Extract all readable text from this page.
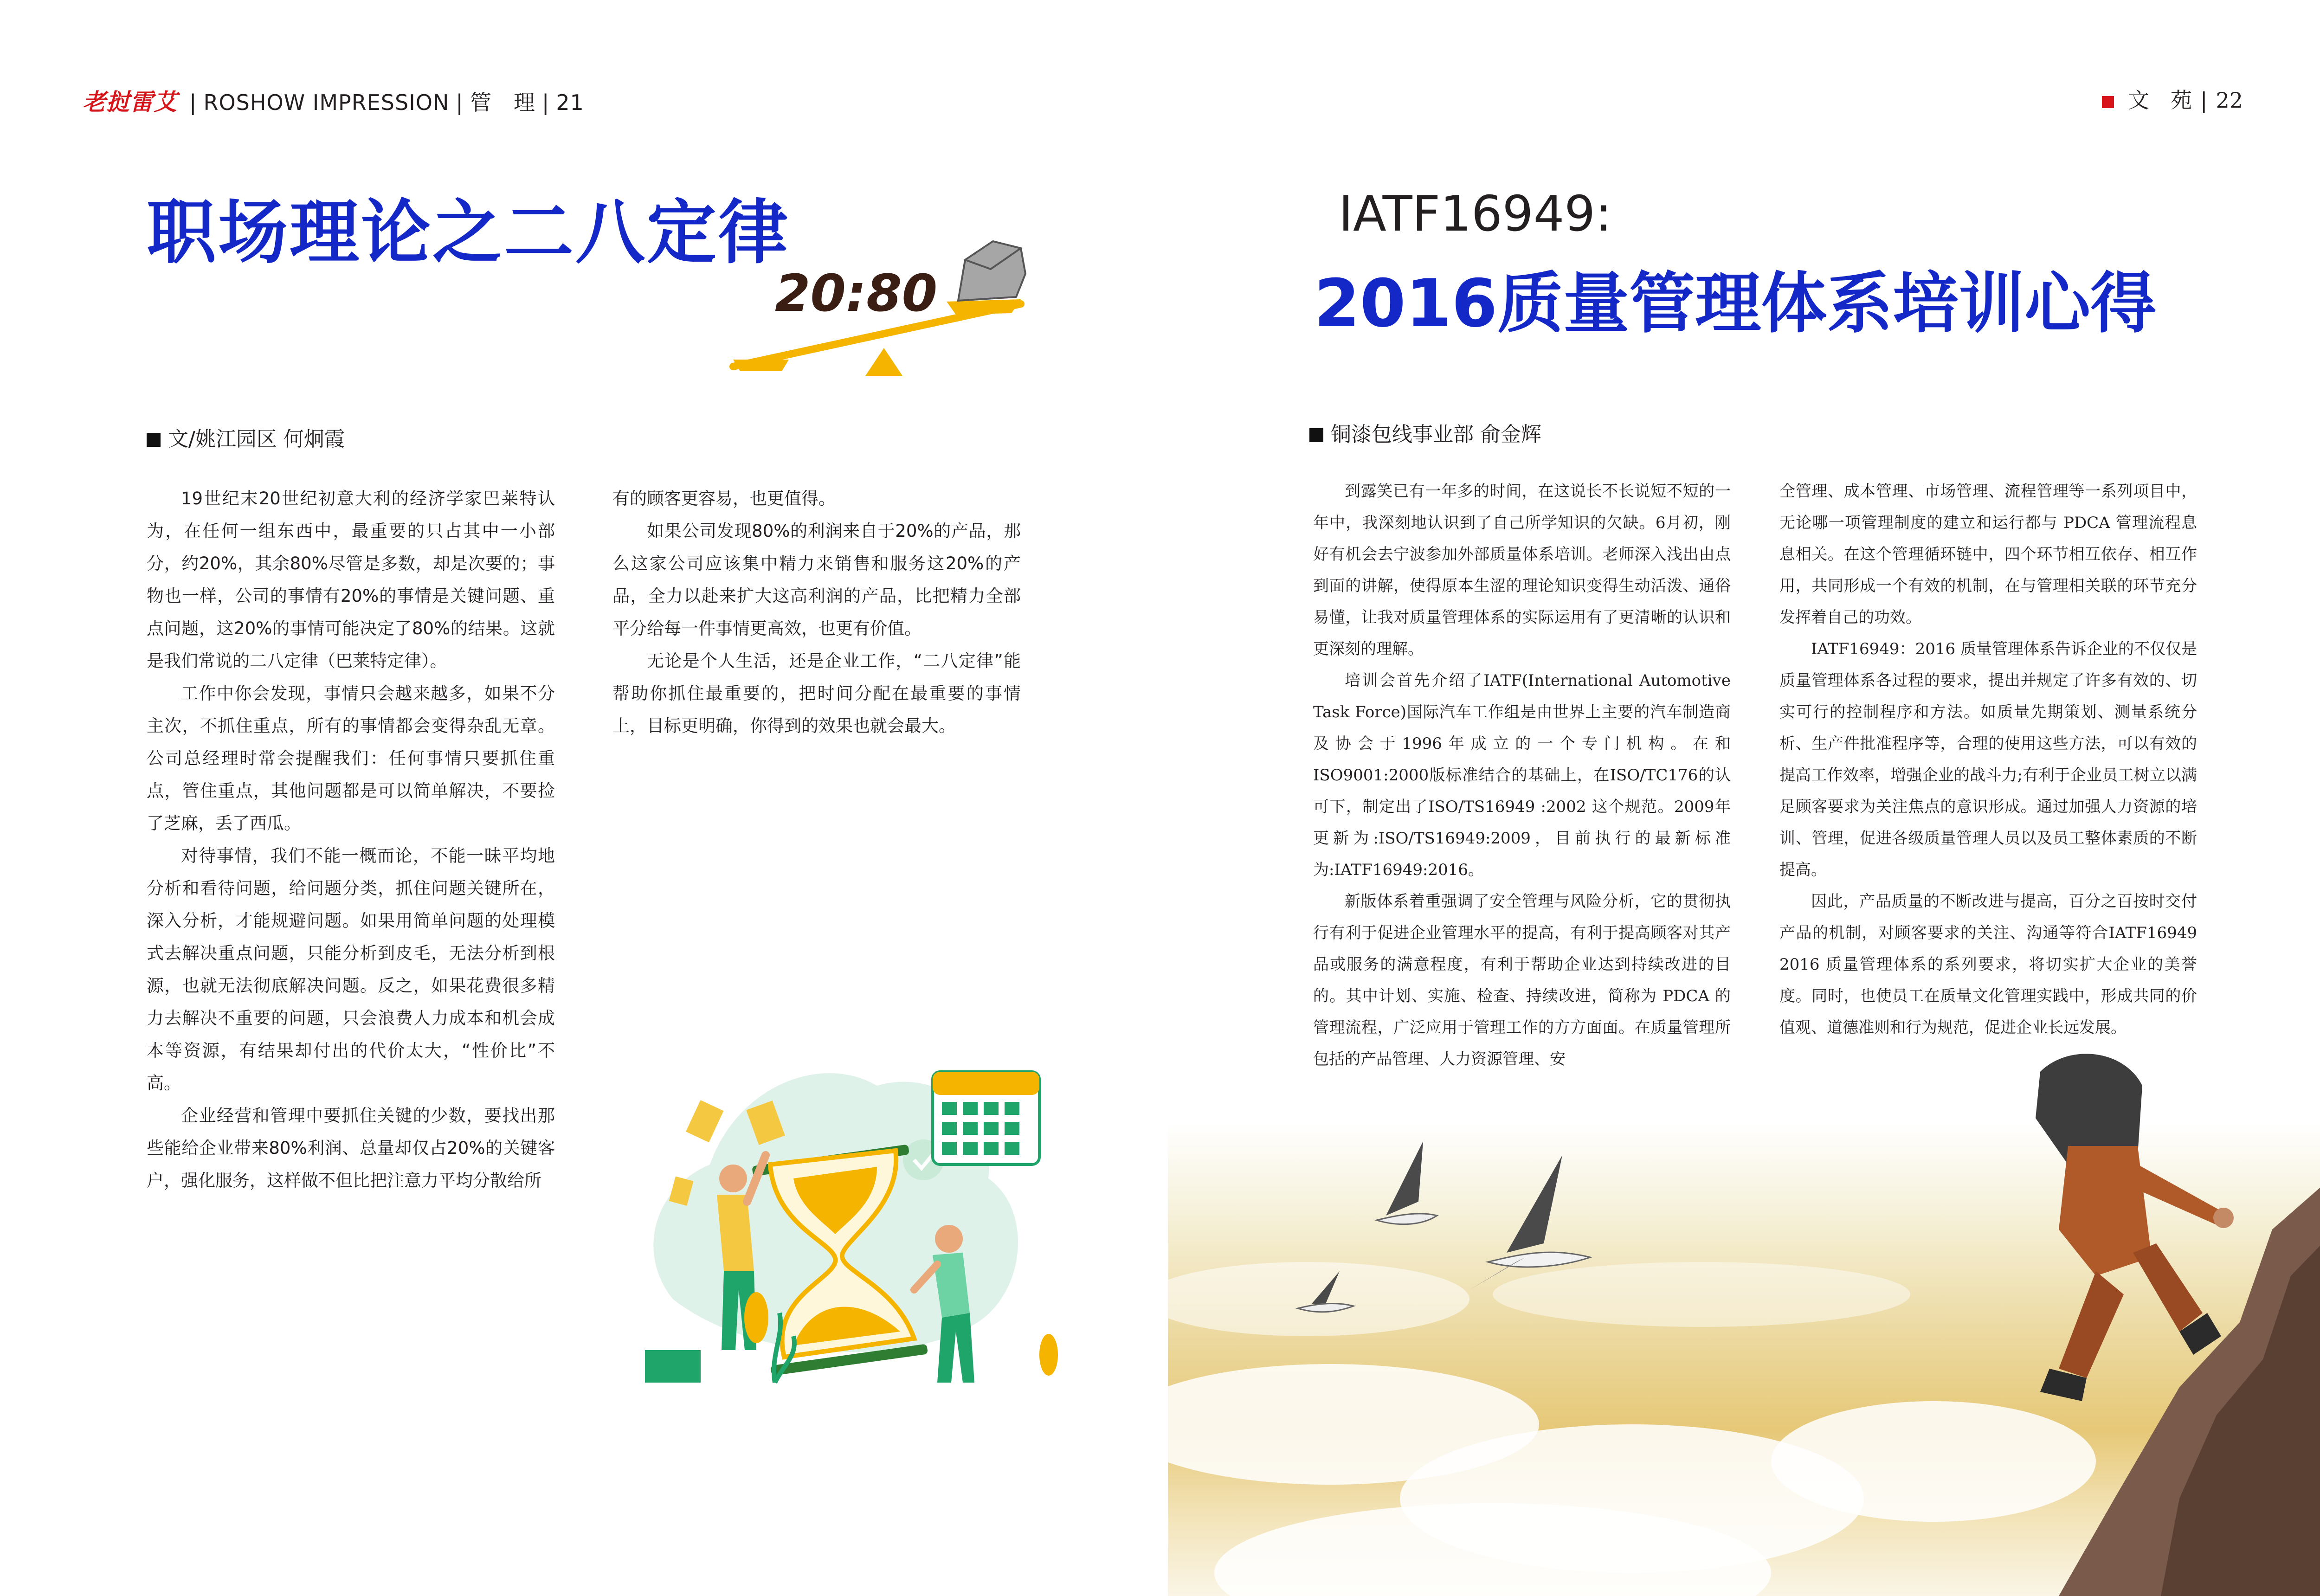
老挝雷艾 | ROSHOW IMPRESSION | 管　理 | 21
职场理论之二八定律
20:80
文/姚江园区 何炯霞

19世纪末20世纪初意大利的经济学家巴莱特认为，在任何一组东西中，最重要的只占其中一小部分，约20%，其余80%尽管是多数，却是次要的；事物也一样，公司的事情有20%的事情是关键问题、重点问题，这20%的事情可能决定了80%的结果。这就是我们常说的二八定律（巴莱特定律）。

工作中你会发现，事情只会越来越多，如果不分主次，不抓住重点，所有的事情都会变得杂乱无章。公司总经理时常会提醒我们：任何事情只要抓住重点，管住重点，其他问题都是可以简单解决，不要捡了芝麻，丢了西瓜。

对待事情，我们不能一概而论，不能一昧平均地分析和看待问题，给问题分类，抓住问题关键所在，深入分析，才能规避问题。如果用简单问题的处理模式去解决重点问题，只能分析到皮毛，无法分析到根源，也就无法彻底解决问题。反之，如果花费很多精力去解决不重要的问题，只会浪费人力成本和机会成本等资源，有结果却付出的代价太大，“性价比”不高。

企业经营和管理中要抓住关键的少数，要找出那些能给企业带来80%利润、总量却仅占20%的关键客户，强化服务，这样做不但比把注意力平均分散给所

有的顾客更容易，也更值得。

如果公司发现80%的利润来自于20%的产品，那么这家公司应该集中精力来销售和服务这20%的产品，全力以赴来扩大这高利润的产品，比把精力全部平分给每一件事情更高效，也更有价值。

无论是个人生活，还是企业工作，“二八定律”能帮助你抓住最重要的，把时间分配在最重要的事情上，目标更明确，你得到的效果也就会最大。

文　苑 | 22
IATF16949:
2016质量管理体系培训心得
铜漆包线事业部 俞金辉

到露笑已有一年多的时间，在这说长不长说短不短的一年中，我深刻地认识到了自己所学知识的欠缺。6月初，刚好有机会去宁波参加外部质量体系培训。老师深入浅出由点到面的讲解，使得原本生涩的理论知识变得生动活泼、通俗易懂，让我对质量管理体系的实际运用有了更清晰的认识和更深刻的理解。

培训会首先介绍了IATF(International Automotive Task Force)国际汽车工作组是由世界上主要的汽车制造商及协会于1996年成立的一个专门机构。在和ISO9001:2000版标准结合的基础上，在ISO/TC176的认可下，制定出了ISO/TS16949 :2002 这个规范。2009年更新为:ISO/TS16949:2009，目前执行的最新标准为:IATF16949:2016。

新版体系着重强调了安全管理与风险分析，它的贯彻执行有利于促进企业管理水平的提高，有利于提高顾客对其产品或服务的满意程度，有利于帮助企业达到持续改进的目的。其中计划、实施、检查、持续改进，简称为 PDCA 的管理流程，广泛应用于管理工作的方方面面。在质量管理所包括的产品管理、人力资源管理、安

全管理、成本管理、市场管理、流程管理等一系列项目中，无论哪一项管理制度的建立和运行都与 PDCA 管理流程息息相关。在这个管理循环链中，四个环节相互依存、相互作用，共同形成一个有效的机制，在与管理相关联的环节充分发挥着自己的功效。

IATF16949：2016 质量管理体系告诉企业的不仅仅是质量管理体系各过程的要求，提出并规定了许多有效的、切实可行的控制程序和方法。如质量先期策划、测量系统分析、生产件批准程序等，合理的使用这些方法，可以有效的提高工作效率，增强企业的战斗力;有利于企业员工树立以满足顾客要求为关注焦点的意识形成。通过加强人力资源的培训、管理，促进各级质量管理人员以及员工整体素质的不断提高。

因此，产品质量的不断改进与提高，百分之百按时交付产品的机制，对顾客要求的关注、沟通等符合IATF16949 2016 质量管理体系的系列要求，将切实扩大企业的美誉度。同时，也使员工在质量文化管理实践中，形成共同的价值观、道德准则和行为规范，促进企业长远发展。
